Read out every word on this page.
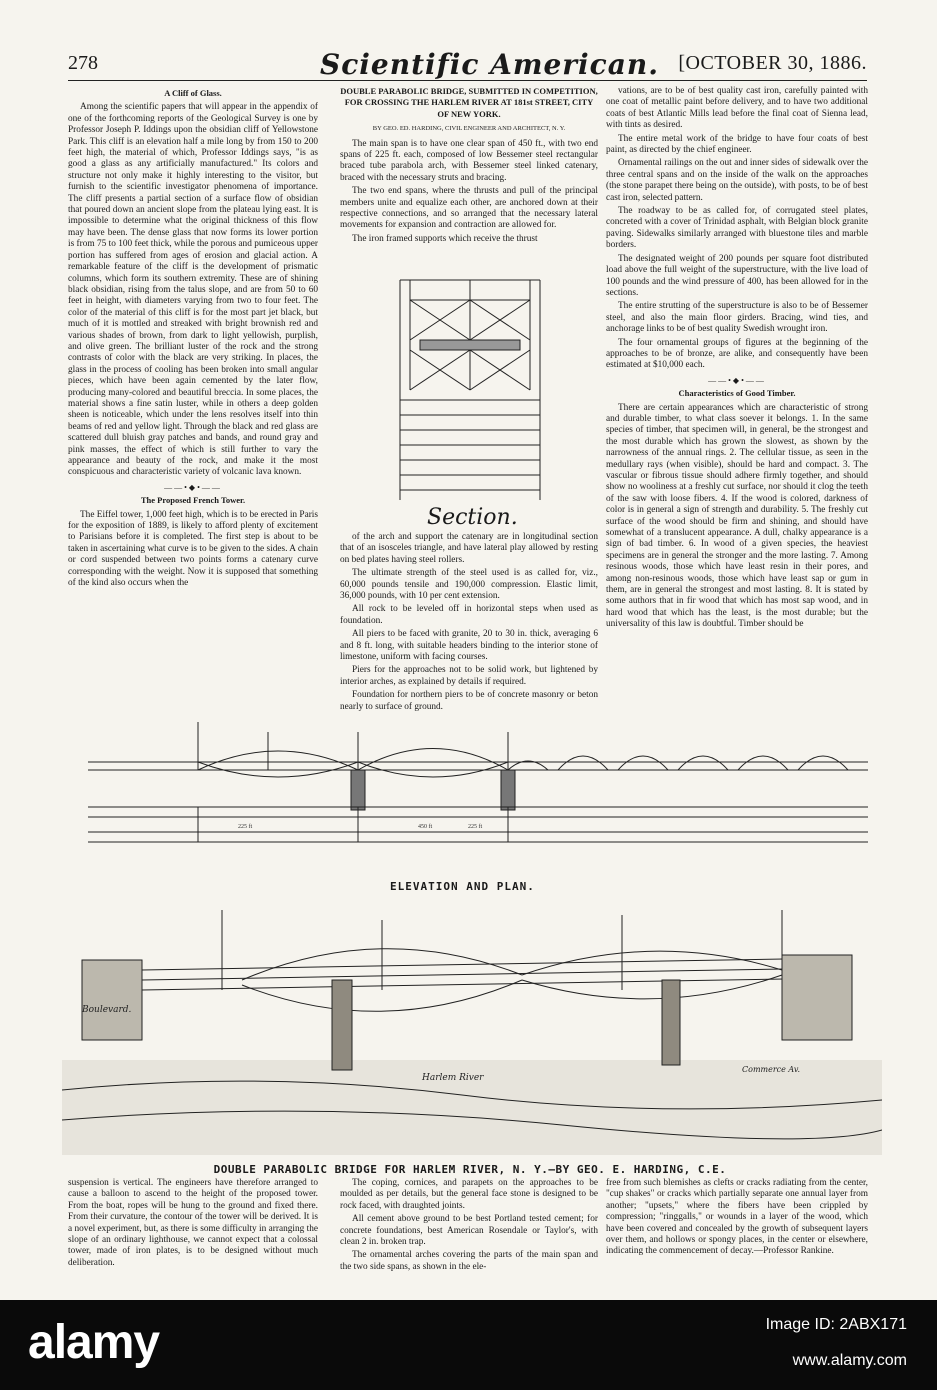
278	Scientific American. [OCTOBER 30, 1886.
A Cliff of Glass.

Among the scientific papers that will appear in the appendix of one of the forthcoming reports of the Geological Survey is one by Professor Joseph P. Iddings upon the obsidian cliff of Yellowstone Park. This cliff is an elevation half a mile long by from 150 to 200 feet high, the material of which, Professor Iddings says, "is as good a glass as any artificially manufactured." Its colors and structure not only make it highly interesting to the visitor, but furnish to the scientific investigator phenomena of importance. The cliff presents a partial section of a surface flow of obsidian that poured down an ancient slope from the plateau lying east. It is impossible to determine what the original thickness of this flow may have been. The dense glass that now forms its lower portion is from 75 to 100 feet thick, while the porous and pumiceous upper portion has suffered from ages of erosion and glacial action. A remarkable feature of the cliff is the development of prismatic columns, which form its southern extremity. These are of shining black obsidian, rising from the talus slope, and are from 50 to 60 feet in height, with diameters varying from two to four feet. The color of the material of this cliff is for the most part jet black, but much of it is mottled and streaked with bright brownish red and various shades of brown, from dark to light yellowish, purplish, and olive green. The brilliant luster of the rock and the strong contrasts of color with the black are very striking. In places, the glass in the process of cooling has been broken into small angular pieces, which have been again cemented by the later flow, producing many-colored and beautiful breccia. In some places, the material shows a fine satin luster, while in others a deep golden sheen is noticeable, which under the lens resolves itself into thin beams of red and yellow light. Through the black and red glass are scattered dull bluish gray patches and bands, and round gray and pink masses, the effect of which is still further to vary the appearance and beauty of the rock, and make it the most conspicuous and characteristic variety of volcanic lava known.

——•◆•——
The Proposed French Tower.

The Eiffel tower, 1,000 feet high, which is to be erected in Paris for the exposition of 1889, is likely to afford plenty of excitement to Parisians before it is completed. The first step is about to be taken in ascertaining what curve is to be given to the sides. A chain or cord suspended between two points forms a catenary curve corresponding with the weight. Now it is supposed that something of the kind also occurs when the

DOUBLE PARABOLIC BRIDGE, SUBMITTED IN COMPETITION, FOR CROSSING THE HARLEM RIVER AT 181st STREET, CITY OF NEW YORK.
BY GEO. ED. HARDING, CIVIL ENGINEER AND ARCHITECT, N. Y.

The main span is to have one clear span of 450 ft., with two end spans of 225 ft. each, composed of low Bessemer steel rectangular braced tube parabola arch, with Bessemer steel linked catenary, braced with the necessary struts and bracing.

The two end spans, where the thrusts and pull of the principal members unite and equalize each other, are anchored down at their respective connections, and so arranged that the necessary lateral movements for expansion and contraction are allowed for.

The iron framed supports which receive the thrust

Section.

of the arch and support the catenary are in longitudinal section that of an isosceles triangle, and have lateral play allowed by resting on bed plates having steel rollers.

The ultimate strength of the steel used is as called for, viz., 60,000 pounds tensile and 190,000 compression. Elastic limit, 36,000 pounds, with 10 per cent extension.

All rock to be leveled off in horizontal steps when used as foundation.

All piers to be faced with granite, 20 to 30 in. thick, averaging 6 and 8 ft. long, with suitable headers binding to the interior stone of limestone, uniform with facing courses.

Piers for the approaches not to be solid work, but lightened by interior arches, as explained by details if required.

Foundation for northern piers to be of concrete masonry or beton nearly to surface of ground.

vations, are to be of best quality cast iron, carefully painted with one coat of metallic paint before delivery, and to have two additional coats of best Atlantic Mills lead before the final coat of Sienna lead, with tints as desired.

The entire metal work of the bridge to have four coats of best paint, as directed by the chief engineer.

Ornamental railings on the out and inner sides of sidewalk over the three central spans and on the inside of the walk on the approaches (the stone parapet there being on the outside), with posts, to be of best cast iron, selected pattern.

The roadway to be as called for, of corrugated steel plates, concreted with a cover of Trinidad asphalt, with Belgian block granite paving. Sidewalks similarly arranged with bluestone tiles and marble borders.

The designated weight of 200 pounds per square foot distributed load above the full weight of the superstructure, with the live load of 100 pounds and the wind pressure of 400, has been allowed for in the sections.

The entire strutting of the superstructure is also to be of Bessemer steel, and also the main floor girders. Bracing, wind ties, and anchorage links to be of best quality Swedish wrought iron.

The four ornamental groups of figures at the beginning of the approaches to be of bronze, are alike, and consequently have been estimated at $10,000 each.

——•◆•——
Characteristics of Good Timber.

There are certain appearances which are characteristic of strong and durable timber, to what class soever it belongs. 1. In the same species of timber, that specimen will, in general, be the strongest and the most durable which has grown the slowest, as shown by the narrowness of the annual rings. 2. The cellular tissue, as seen in the medullary rays (when visible), should be hard and compact. 3. The vascular or fibrous tissue should adhere firmly together, and should show no wooliness at a freshly cut surface, nor should it clog the teeth of the saw with loose fibers. 4. If the wood is colored, darkness of color is in general a sign of strength and durability. 5. The freshly cut surface of the wood should be firm and shining, and should have somewhat of a translucent appearance. A dull, chalky appearance is a sign of bad timber. 6. In wood of a given species, the heaviest specimens are in general the stronger and the more lasting. 7. Among resinous woods, those which have least resin in their pores, and among non-resinous woods, those which have least sap or gum in them, are in general the strongest and most lasting. 8. It is stated by some authors that in fir wood that which has most sap wood, and in hard wood that which has the least, is the most durable; but the universality of this law is doubtful. Timber should be

225 ft	450 ft	225 ft
ELEVATION AND PLAN.
Boulevard.
Harlem River
Commerce Av.
DOUBLE PARABOLIC BRIDGE FOR HARLEM RIVER, N. Y.—BY GEO. E. HARDING, C.E.

suspension is vertical. The engineers have therefore arranged to cause a balloon to ascend to the height of the proposed tower. From the boat, ropes will be hung to the ground and fixed there. From their curvature, the contour of the tower will be derived. It is a novel experiment, but, as there is some difficulty in arranging the slope of an ordinary lighthouse, we cannot expect that a colossal tower, made of iron plates, is to be designed without much deliberation.

The coping, cornices, and parapets on the approaches to be moulded as per details, but the general face stone is designed to be rock faced, with draughted joints.

All cement above ground to be best Portland tested cement; for concrete foundations, best American Rosendale or Taylor's, with clean 2 in. broken trap.

The ornamental arches covering the parts of the main span and the two side spans, as shown in the ele-

free from such blemishes as clefts or cracks radiating from the center, "cup shakes" or cracks which partially separate one annual layer from another; "upsets," where the fibers have been crippled by compression; "ringgalls," or wounds in a layer of the wood, which have been covered and concealed by the growth of subsequent layers over them, and hollows or spongy places, in the center or elsewhere, indicating the commencement of decay.—Professor Rankine.

alamy	Image ID: 2ABX171
www.alamy.com
